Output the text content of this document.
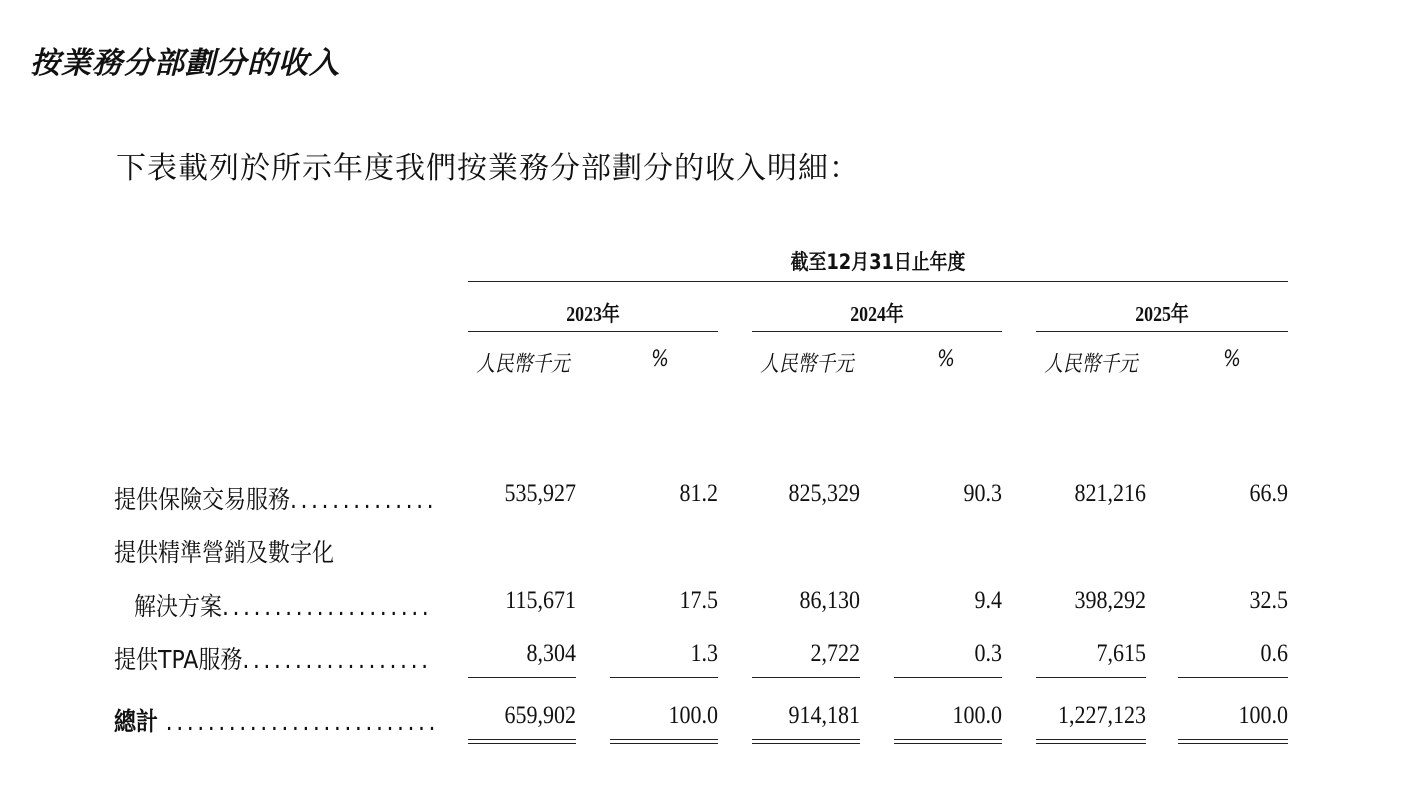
按業務分部劃分的收入
下表載列於所示年度我們按業務分部劃分的收入明細：
截至12月31日止年度
2023年	2024年	2025年
人民幣千元	%	人民幣千元	%	人民幣千元	%
提供保險交易服務..............	535,927	81.2	825,329	90.3	821,216	66.9
提供精準營銷及數字化
解決方案....................	115,671	17.5	86,130	9.4	398,292	32.5
提供TPA服務..................	8,304	1.3	2,722	0.3	7,615	0.6
總計 ..........................	659,902	100.0	914,181	100.0	1,227,123	100.0
